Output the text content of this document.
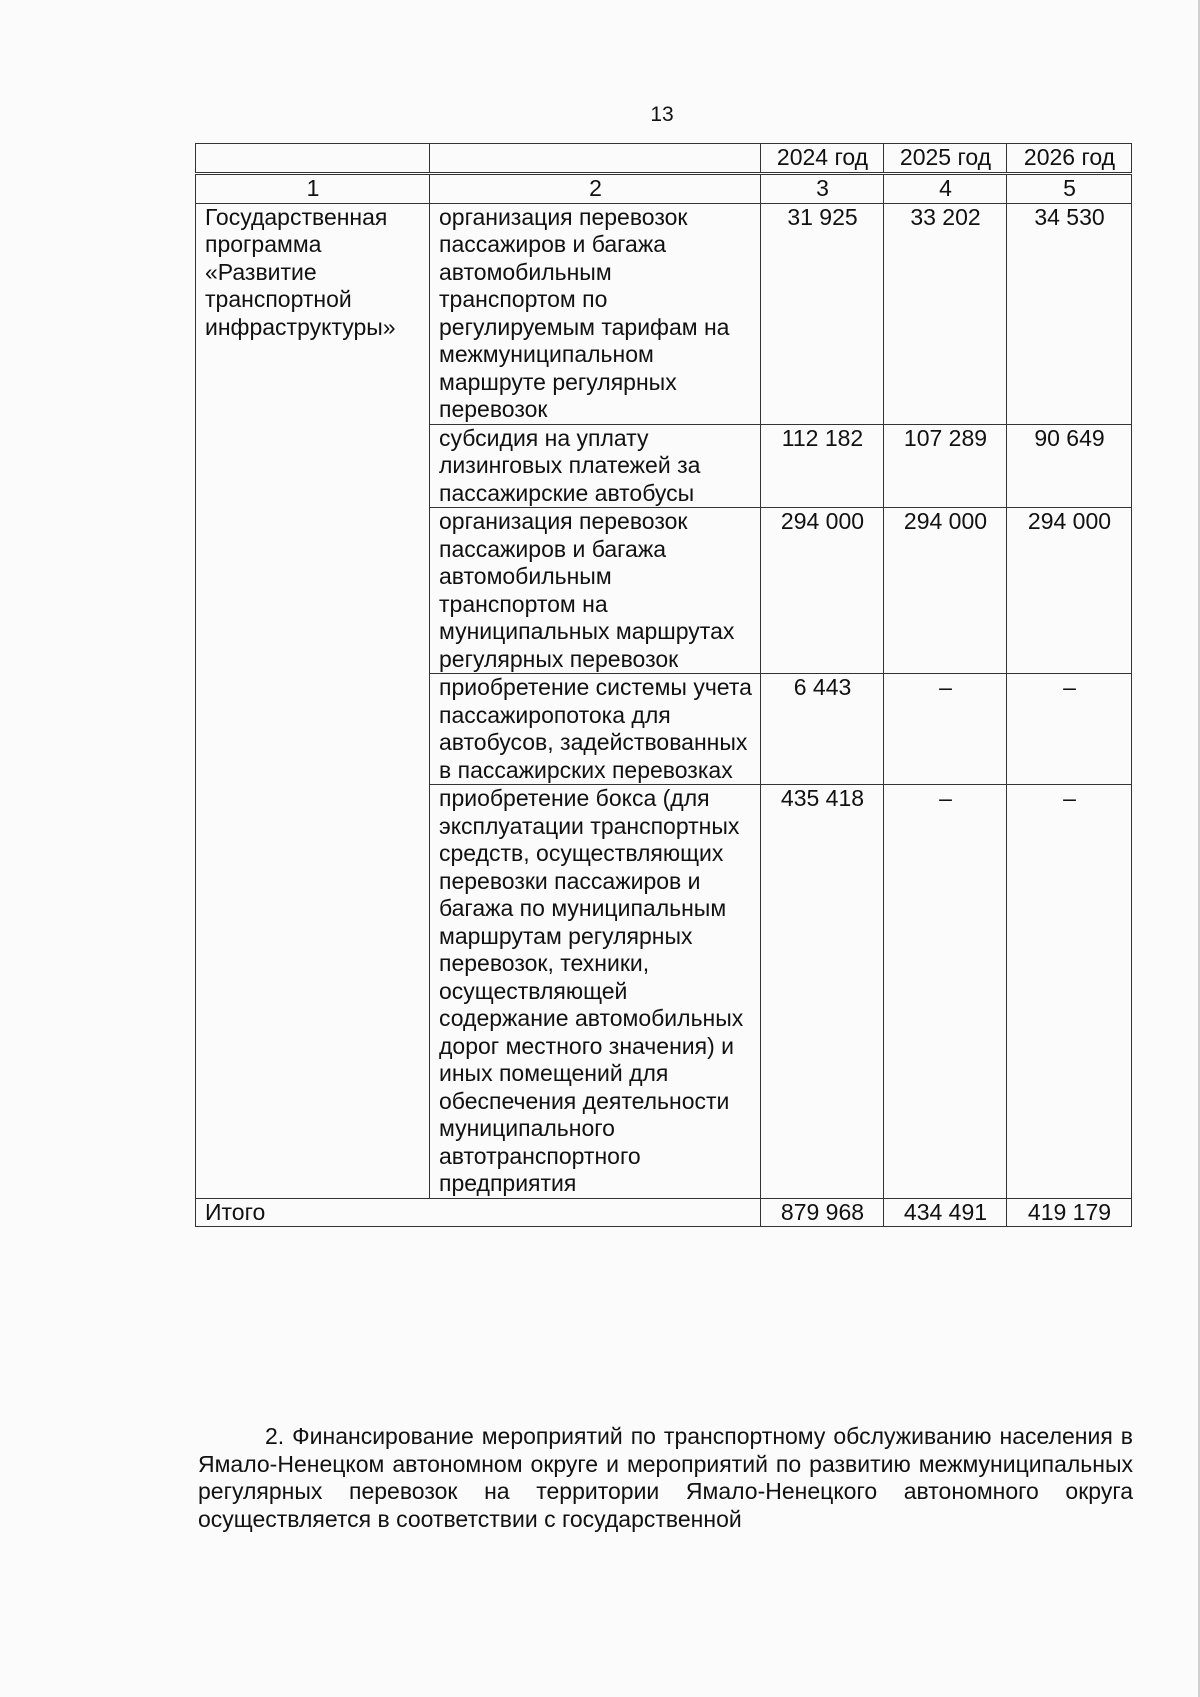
13
		2024 год	2025 год	2026 год
1	2	3	4	5
Государственная программа «Развитие транспортной инфраструктуры»	организация перевозок пассажиров и багажа автомобильным транспортом по регулируемым тарифам на межмуниципальном маршруте регулярных перевозок	31 925	33 202	34 530
	субсидия на уплату лизинговых платежей за пассажирские автобусы	112 182	107 289	90 649
	организация перевозок пассажиров и багажа автомобильным транспортом на муниципальных маршрутах регулярных перевозок	294 000	294 000	294 000
	приобретение системы учета пассажиропотока для автобусов, задействованных в пассажирских перевозках	6 443	–	–
	приобретение бокса (для эксплуатации транспортных средств, осуществляющих перевозки пассажиров и багажа по муниципальным маршрутам регулярных перевозок, техники, осуществляющей содержание автомобильных дорог местного значения) и иных помещений для обеспечения деятельности муниципального автотранспортного предприятия	435 418	–	–
Итого		879 968	434 491	419 179
2. Финансирование мероприятий по транспортному обслуживанию населения в Ямало-Ненецком автономном округе и мероприятий по развитию межмуниципальных регулярных перевозок на территории Ямало-Ненецкого автономного округа осуществляется в соответствии с государственной
